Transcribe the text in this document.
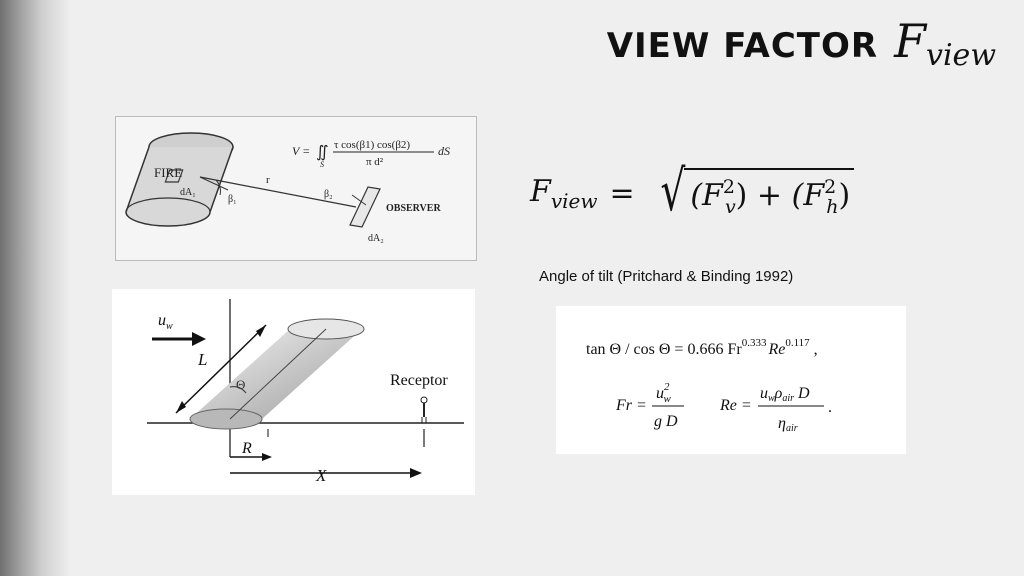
VIEW FACTOR $F_{view}$
FIRE
dA₁
β₁
r
β₂
OBSERVER
dA₂
V = ∬
S
τ cos(β1) cos(β2)
π d²
dS
$F_{view}$ = √ $(F^2_v) + (F^2_h)$
Angle of tilt (Pritchard & Binding 1992)
Θ
$u_w$
L
Receptor
R
X
tan Θ / cos Θ = 0.666 $Fr^{0.333}$ $Re^{0.117}$ ,
Fr =
$u^2$ w
g D
Re =
uwρair D
ηair
.
